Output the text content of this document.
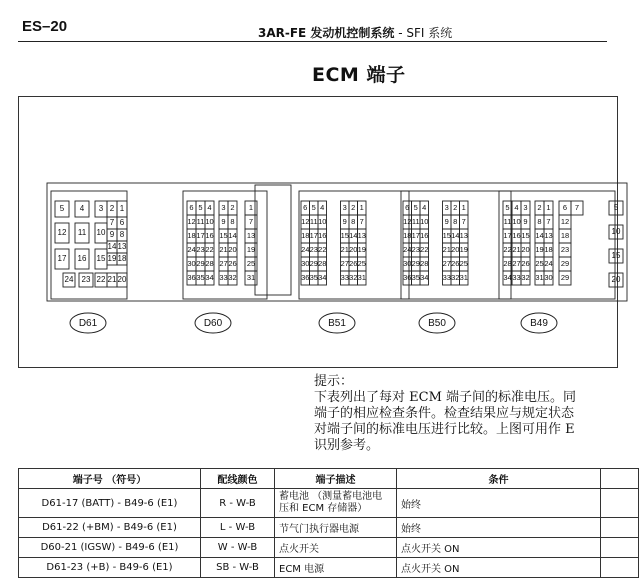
ES–20	3AR-FE 发动机控制系统 - SFI 系统
ECM 端子
5 4 3 2 1
7 6
12 11 10 9 8
14 13
17 16 15 19 18
24 23 22 21 20
6 5 4 3 2 1
12 11 10 9 8 7
18 17 16 15 14 13
24 23 22 21 20 19
30 29 28 27 26 25
36 35 34 33 32 31
6 5 4 3 2 1
12 11 10 9 8 7
18 17 16 15 14 13
24 23 22 21 20 19
30 29 28 27 26 25
36 35 34 33 32 31
6 5 4 3 2 1
12 11 10 9 8 7
18 17 16 15 14 13
24 23 22 21 20 19
30 29 28 27 26 25
36 35 34 33 32 31
5 4 3 2 1 6 7
11 10 9 8 7 12
17 16 15 14 13 18
22 21 20 19 18 23
28 27 26 25 24 29
34 33 32 31 30 29
5
10
15
20
D61	D60	B51	B50	B49
提示：
下表列出了每对 ECM 端子间的标准电压。同
端子的相应检查条件。检查结果应与规定状态
对端子间的标准电压进行比较。上图可用作 E
识别参考。
端子号 （符号）	配线颜色	端子描述	条件	
D61-17 (BATT) - B49-6 (E1)	R - W-B	蓄电池 （测量蓄电池电压和 ECM 存储器）	始终	
D61-22 (+BM) - B49-6 (E1)	L - W-B	节气门执行器电源	始终	
D60-21 (IGSW) - B49-6 (E1)	W - W-B	点火开关	点火开关 ON	
D61-23 (+B) - B49-6 (E1)	SB - W-B	ECM 电源	点火开关 ON	
